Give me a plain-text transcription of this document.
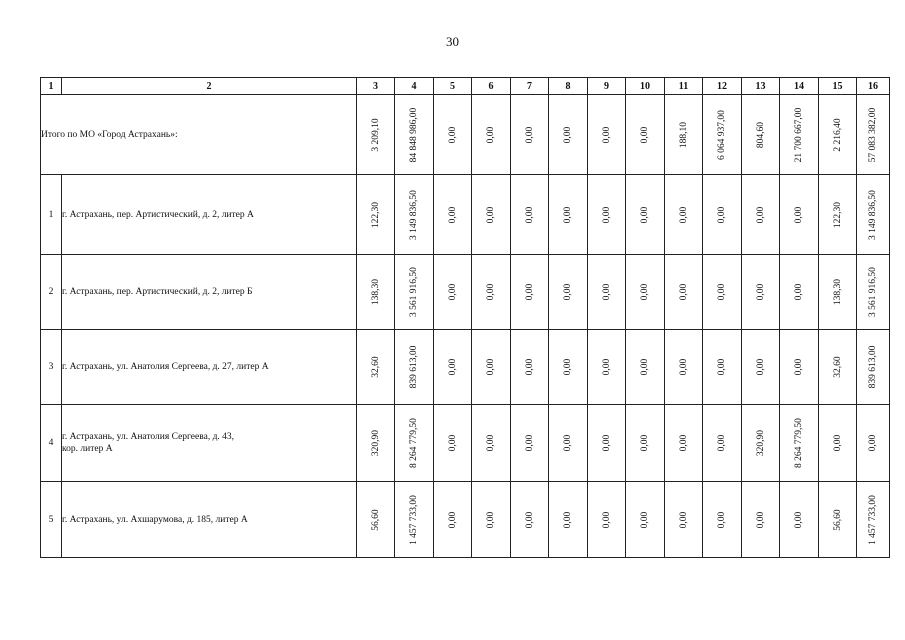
30
1	2	3	4	5	6	7	8	9	10	11	12	13	14	15	16
Итого по МО «Город Астрахань»:		3 209,10	84 848 986,00	0,00	0,00	0,00	0,00	0,00	0,00	188,10	6 064 937,00	804,60	21 700 667,00	2 216,40	57 083 382,00

1	г. Астрахань, пер. Артистический, д. 2, литер А	122,30	3 149 836,50	0,00	0,00	0,00	0,00	0,00	0,00	0,00	0,00	0,00	0,00	122,30	3 149 836,50

2	г. Астрахань, пер. Артистический, д. 2, литер Б	138,30	3 561 916,50	0,00	0,00	0,00	0,00	0,00	0,00	0,00	0,00	0,00	0,00	138,30	3 561 916,50

3	г. Астрахань, ул. Анатолия Сергеева, д. 27, литер А	32,60	839 613,00	0,00	0,00	0,00	0,00	0,00	0,00	0,00	0,00	0,00	0,00	32,60	839 613,00

4	г. Астрахань, ул. Анатолия Сергеева, д. 43,
кор. литер А	320,90	8 264 779,50	0,00	0,00	0,00	0,00	0,00	0,00	0,00	0,00	320,90	8 264 779,50	0,00	0,00

5	г. Астрахань, ул. Ахшарумова, д. 185, литер А	56,60	1 457 733,00	0,00	0,00	0,00	0,00	0,00	0,00	0,00	0,00	0,00	0,00	56,60	1 457 733,00
